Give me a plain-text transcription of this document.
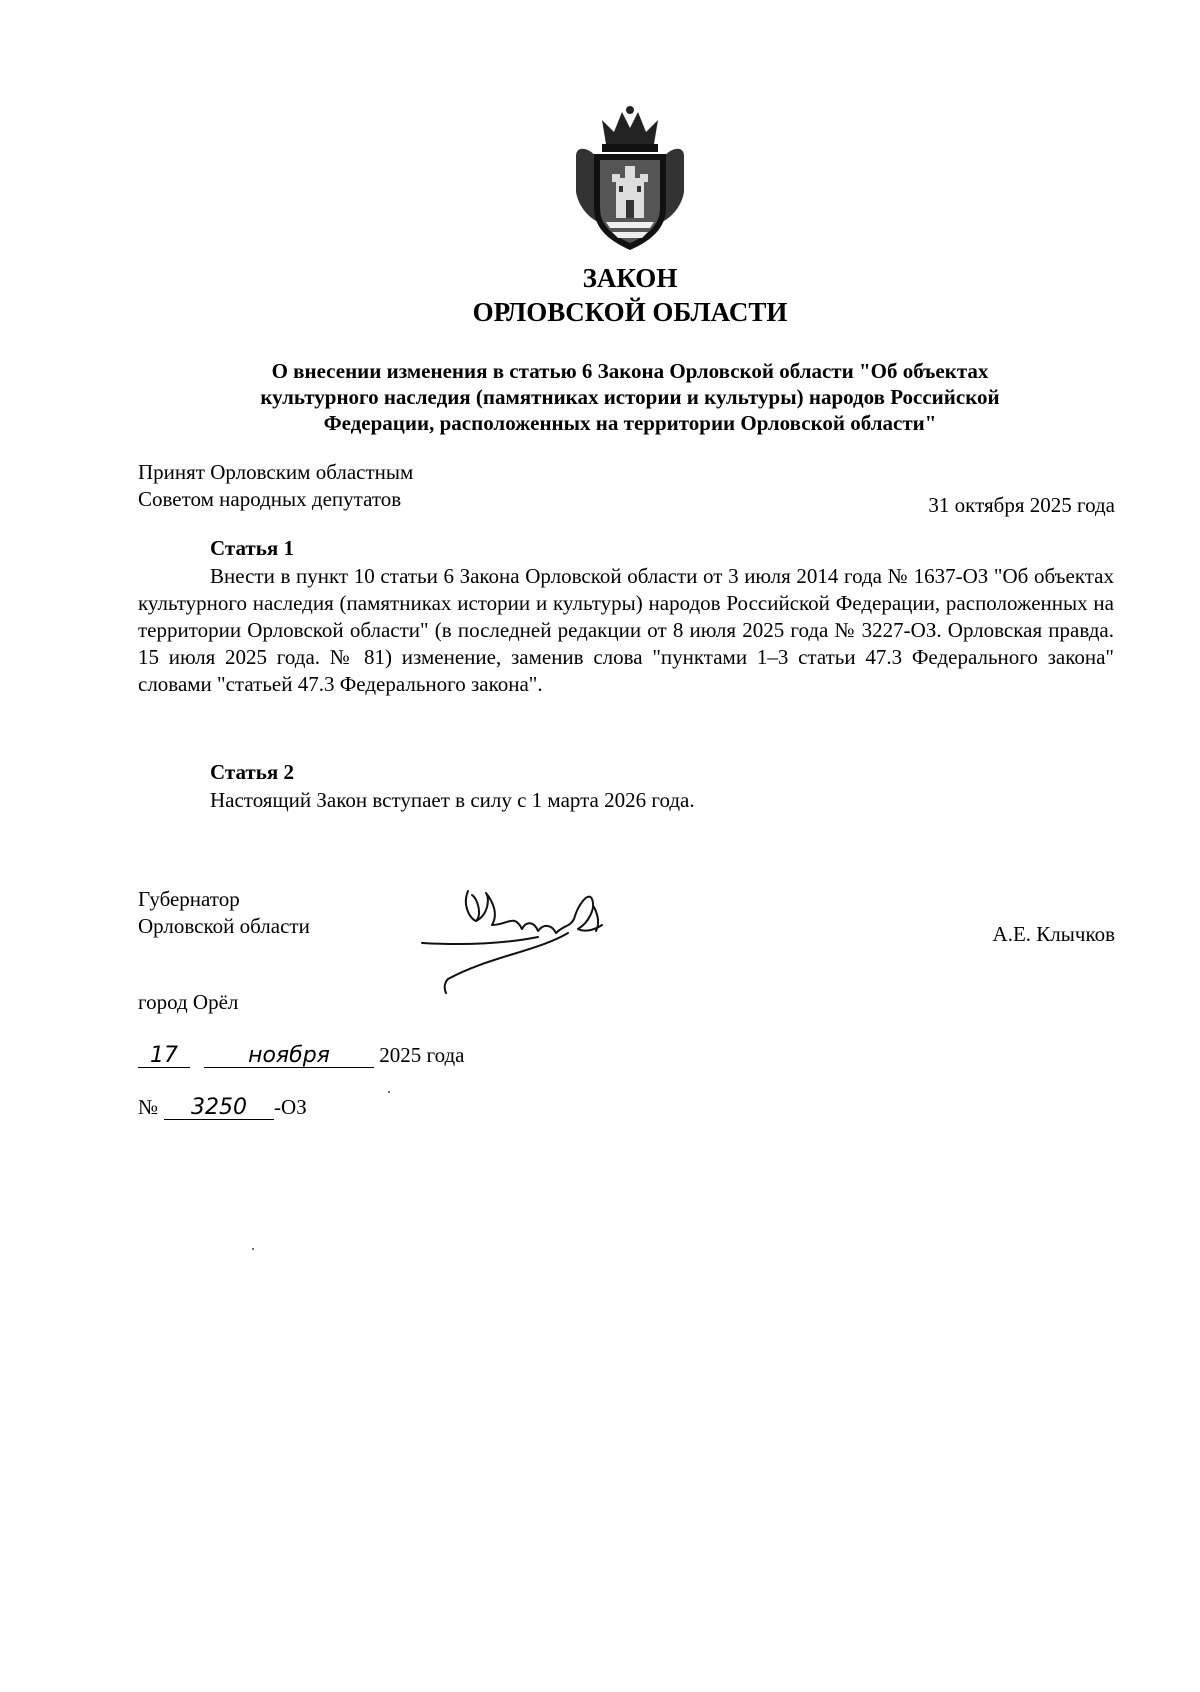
ЗАКОН
ОРЛОВСКОЙ ОБЛАСТИ
О внесении изменения в статью 6 Закона Орловской области "Об объектах
культурного наследия (памятниках истории и культуры) народов Российской
Федерации, расположенных на территории Орловской области"
Принят Орловским областным
Советом народных депутатов	31 октября 2025 года
Статья 1
Внести в пункт 10 статьи 6 Закона Орловской области от 3 июля 2014 года № 1637-ОЗ "Об объектах культурного наследия (памятниках истории и культуры) народов Российской Федерации, расположенных на территории Орловской области" (в последней редакции от 8 июля 2025 года № 3227-ОЗ. Орловская правда. 15 июля 2025 года. № 81) изменение, заменив слова "пунктами 1–3 статьи 47.3 Федерального закона" словами "статьей 47.3 Федерального закона".
Статья 2
Настоящий Закон вступает в силу с 1 марта 2026 года.
Губернатор
Орловской области	А.Е. Клычков
город Орёл
17	ноября 2025 года
№ 3250 -ОЗ
